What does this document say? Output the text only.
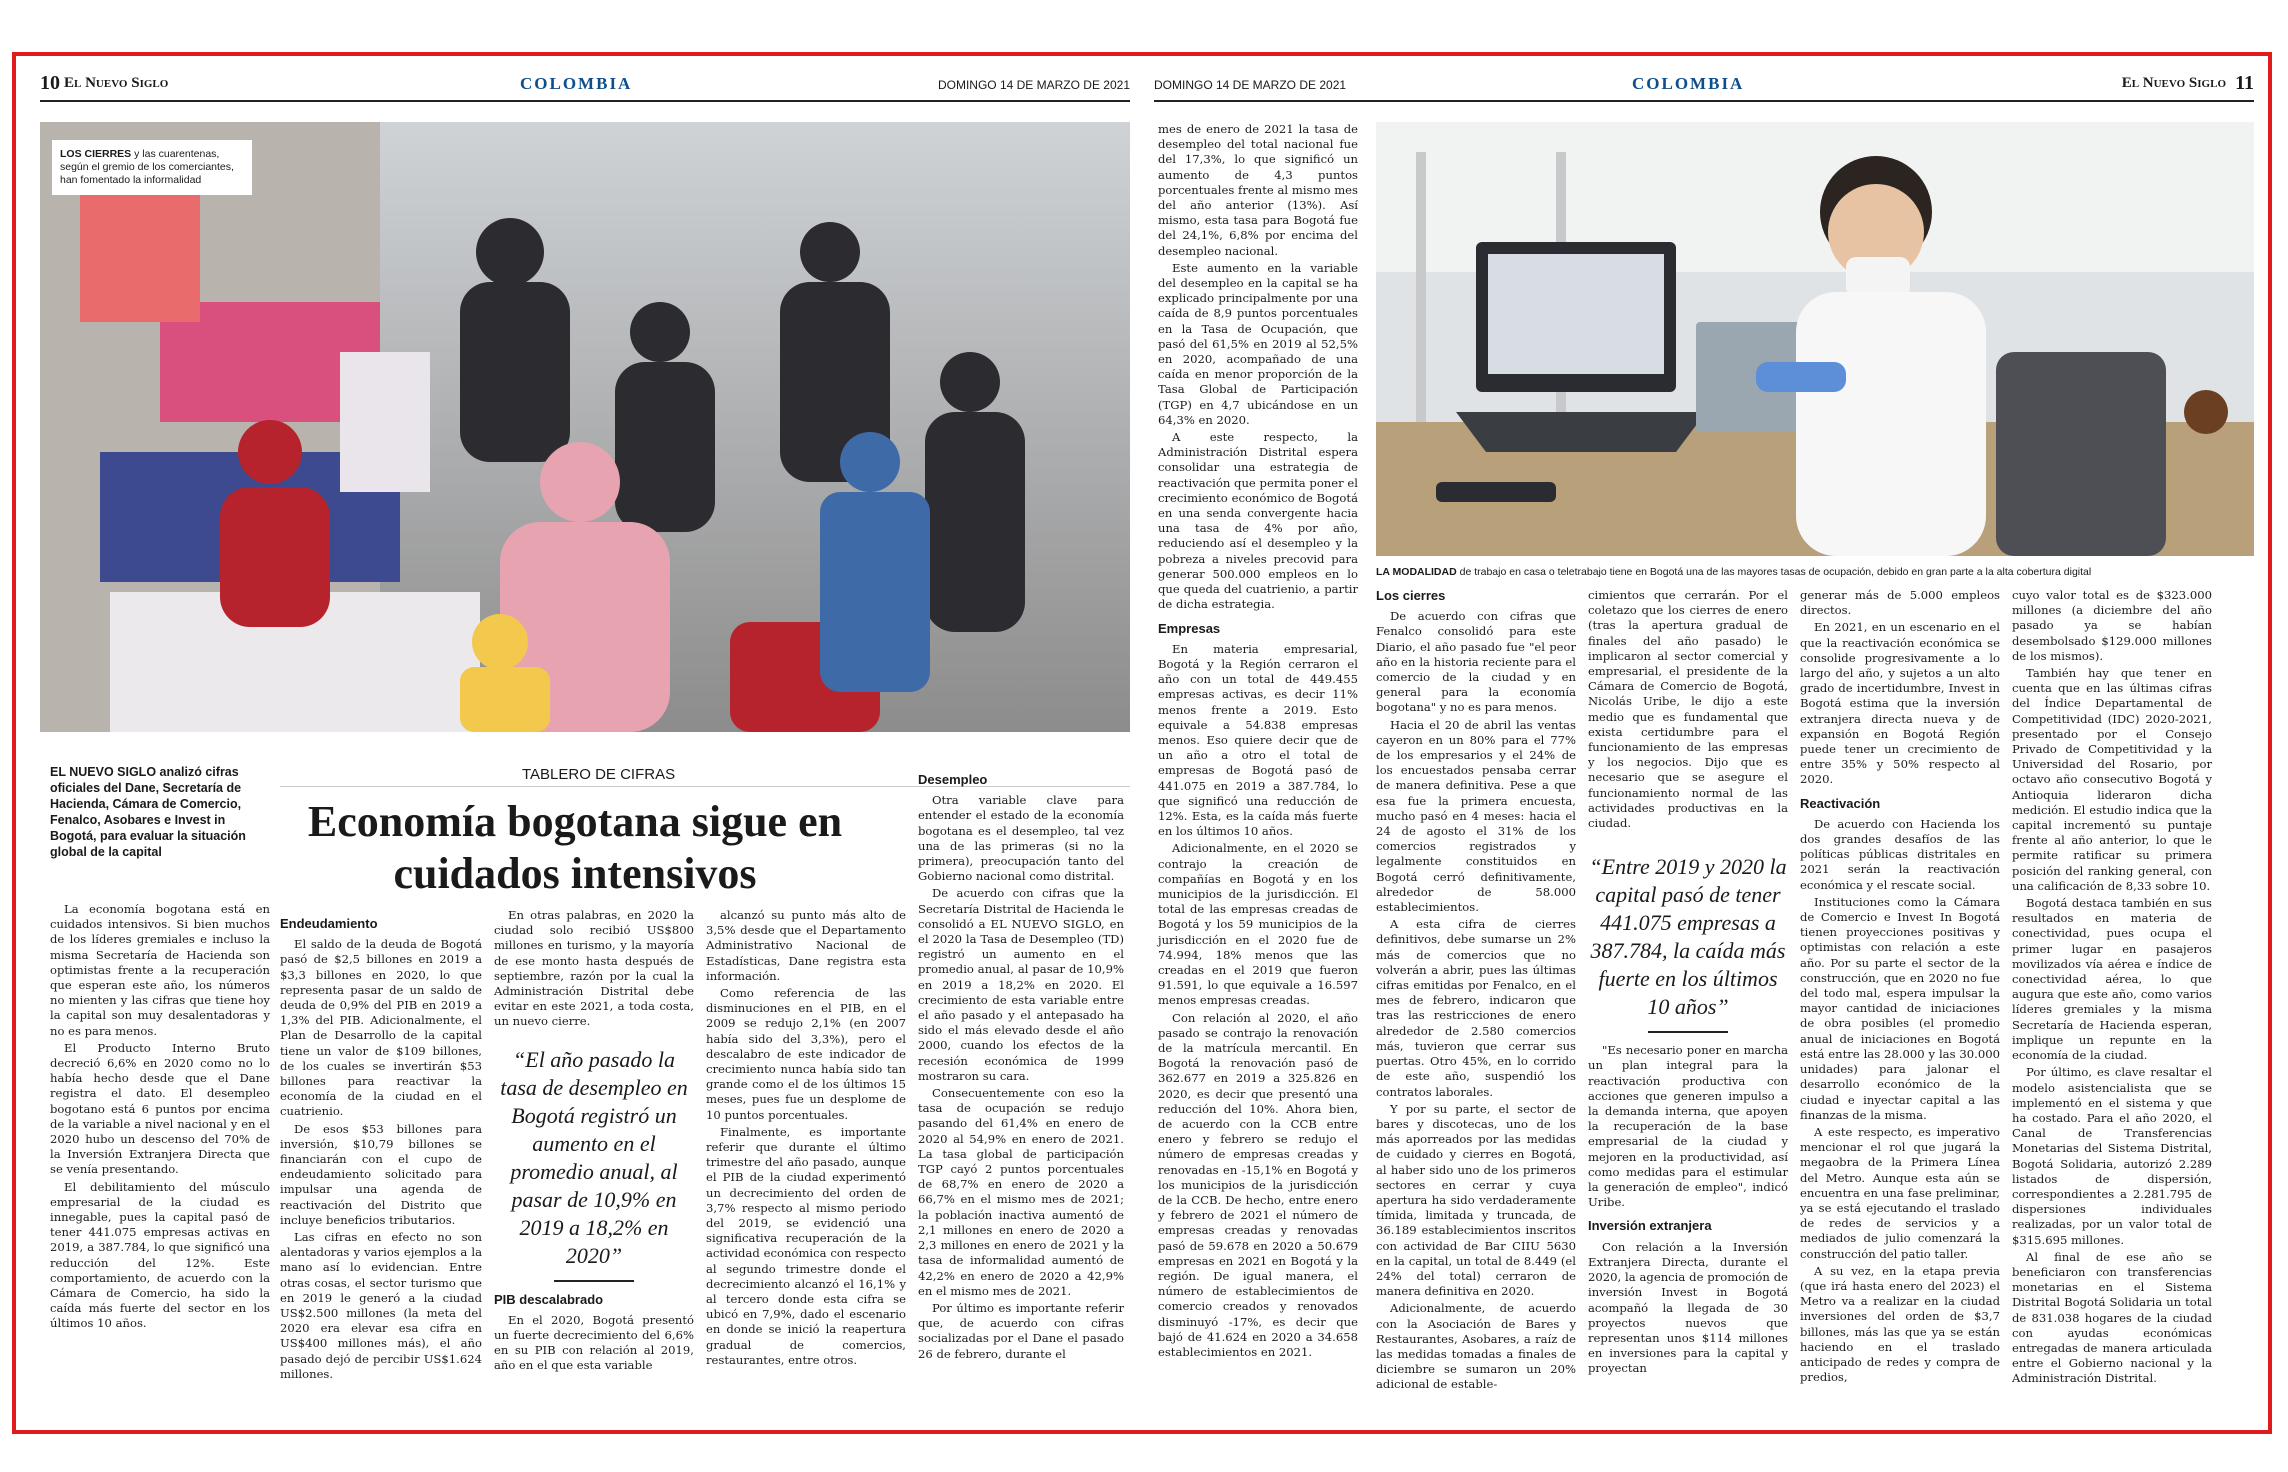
10 El Nuevo Siglo	COLOMBIA	DOMINGO 14 DE MARZO DE 2021
LOS CIERRES y las cuarentenas, según el gremio de los comerciantes, han fomentado la informalidad
EL NUEVO SIGLO analizó cifras oficiales del Dane, Secretaría de Hacienda, Cámara de Comercio, Fenalco, Asobares e Invest in Bogotá, para evaluar la situación global de la capital
TABLERO DE CIFRAS
Economía bogotana sigue en cuidados intensivos

La economía bogotana está en cuidados intensivos. Si bien muchos de los líderes gremiales e incluso la misma Secretaría de Hacienda son optimistas frente a la recuperación que esperan este año, los números no mienten y las cifras que tiene hoy la capital son muy desalentadoras y no es para menos.

El Producto Interno Bruto decreció 6,6% en 2020 como no lo había hecho desde que el Dane registra el dato. El desempleo bogotano está 6 puntos por encima de la variable a nivel nacional y en el 2020 hubo un descenso del 70% de la Inversión Extranjera Directa que se venía presentando.

El debilitamiento del músculo empresarial de la ciudad es innegable, pues la capital pasó de tener 441.075 empresas activas en 2019, a 387.784, lo que significó una reducción del 12%. Este comportamiento, de acuerdo con la Cámara de Comercio, ha sido la caída más fuerte del sector en los últimos 10 años.

Endeudamiento

El saldo de la deuda de Bogotá pasó de $2,5 billones en 2019 a $3,3 billones en 2020, lo que representa pasar de un saldo de deuda de 0,9% del PIB en 2019 a 1,3% del PIB. Adicionalmente, el Plan de Desarrollo de la capital tiene un valor de $109 billones, de los cuales se invertirán $53 billones para reactivar la economía de la ciudad en el cuatrienio.

De esos $53 billones para inversión, $10,79 billones se financiarán con el cupo de endeudamiento solicitado para impulsar una agenda de reactivación del Distrito que incluye beneficios tributarios.

Las cifras en efecto no son alentadoras y varios ejemplos a la mano así lo evidencian. Entre otras cosas, el sector turismo que en 2019 le generó a la ciudad US$2.500 millones (la meta del 2020 era elevar esa cifra en US$400 millones más), el año pasado dejó de percibir US$1.624 millones.

En otras palabras, en 2020 la ciudad solo recibió US$800 millones en turismo, y la mayoría de ese monto hasta después de septiembre, razón por la cual la Administración Distrital debe evitar en este 2021, a toda costa, un nuevo cierre.

“El año pasado la tasa de desempleo en Bogotá registró un aumento en el promedio anual, al pasar de 10,9% en 2019 a 18,2% en 2020”
PIB descalabrado

En el 2020, Bogotá presentó un fuerte decrecimiento del 6,6% en su PIB con relación al 2019, año en el que esta variable

alcanzó su punto más alto de 3,5% desde que el Departamento Administrativo Nacional de Estadísticas, Dane registra esta información.

Como referencia de las disminuciones en el PIB, en el 2009 se redujo 2,1% (en 2007 había sido del 3,3%), pero el descalabro de este indicador de crecimiento nunca había sido tan grande como el de los últimos 15 meses, pues fue un desplome de 10 puntos porcentuales.

Finalmente, es importante referir que durante el último trimestre del año pasado, aunque el PIB de la ciudad experimentó un decrecimiento del orden de 3,7% respecto al mismo periodo del 2019, se evidenció una significativa recuperación de la actividad económica con respecto al segundo trimestre donde el decrecimiento alcanzó el 16,1% y al tercero donde esta cifra se ubicó en 7,9%, dado el escenario en donde se inició la reapertura gradual de comercios, restaurantes, entre otros.

Desempleo

Otra variable clave para entender el estado de la economía bogotana es el desempleo, tal vez una de las primeras (si no la primera), preocupación tanto del Gobierno nacional como distrital.

De acuerdo con cifras que la Secretaría Distrital de Hacienda le consolidó a EL NUEVO SIGLO, en el 2020 la Tasa de Desempleo (TD) registró un aumento en el promedio anual, al pasar de 10,9% en 2019 a 18,2% en 2020. El crecimiento de esta variable entre el año pasado y el antepasado ha sido el más elevado desde el año 2000, cuando los efectos de la recesión económica de 1999 mostraron su cara.

Consecuentemente con eso la tasa de ocupación se redujo pasando del 61,4% en enero de 2020 al 54,9% en enero de 2021. La tasa global de participación TGP cayó 2 puntos porcentuales de 68,7% en enero de 2020 a 66,7% en el mismo mes de 2021; la población inactiva aumentó de 2,1 millones en enero de 2020 a 2,3 millones en enero de 2021 y la tasa de informalidad aumentó de 42,2% en enero de 2020 a 42,9% en el mismo mes de 2021.

Por último es importante referir que, de acuerdo con cifras socializadas por el Dane el pasado 26 de febrero, durante el

DOMINGO 14 DE MARZO DE 2021	COLOMBIA	El Nuevo Siglo 11

mes de enero de 2021 la tasa de desempleo del total nacional fue del 17,3%, lo que significó un aumento de 4,3 puntos porcentuales frente al mismo mes del año anterior (13%). Así mismo, esta tasa para Bogotá fue del 24,1%, 6,8% por encima del desempleo nacional.

Este aumento en la variable del desempleo en la capital se ha explicado principalmente por una caída de 8,9 puntos porcentuales en la Tasa de Ocupación, que pasó del 61,5% en 2019 al 52,5% en 2020, acompañado de una caída en menor proporción de la Tasa Global de Participación (TGP) en 4,7 ubicándose en un 64,3% en 2020.

A este respecto, la Administración Distrital espera consolidar una estrategia de reactivación que permita poner el crecimiento económico de Bogotá en una senda convergente hacia una tasa de 4% por año, reduciendo así el desempleo y la pobreza a niveles precovid para generar 500.000 empleos en lo que queda del cuatrienio, a partir de dicha estrategia.

Empresas

En materia empresarial, Bogotá y la Región cerraron el año con un total de 449.455 empresas activas, es decir 11% menos frente a 2019. Esto equivale a 54.838 empresas menos. Eso quiere decir que de un año a otro el total de empresas de Bogotá pasó de 441.075 en 2019 a 387.784, lo que significó una reducción de 12%. Esta, es la caída más fuerte en los últimos 10 años.

Adicionalmente, en el 2020 se contrajo la creación de compañías en Bogotá y en los municipios de la jurisdicción. El total de las empresas creadas de Bogotá y los 59 municipios de la jurisdicción en el 2020 fue de 74.994, 18% menos que las creadas en el 2019 que fueron 91.591, lo que equivale a 16.597 menos empresas creadas.

Con relación al 2020, el año pasado se contrajo la renovación de la matrícula mercantil. En Bogotá la renovación pasó de 362.677 en 2019 a 325.826 en 2020, es decir que presentó una reducción del 10%. Ahora bien, de acuerdo con la CCB entre enero y febrero se redujo el número de empresas creadas y renovadas en -15,1% en Bogotá y los municipios de la jurisdicción de la CCB. De hecho, entre enero y febrero de 2021 el número de empresas creadas y renovadas pasó de 59.678 en 2020 a 50.679 empresas en 2021 en Bogotá y la región. De igual manera, el número de establecimientos de comercio creados y renovados disminuyó -17%, es decir que bajó de 41.624 en 2020 a 34.658 establecimientos en 2021.

LA MODALIDAD de trabajo en casa o teletrabajo tiene en Bogotá una de las mayores tasas de ocupación, debido en gran parte a la alta cobertura digital
Los cierres

De acuerdo con cifras que Fenalco consolidó para este Diario, el año pasado fue "el peor año en la historia reciente para el comercio de la ciudad y en general para la economía bogotana" y no es para menos.

Hacia el 20 de abril las ventas cayeron en un 80% para el 77% de los empresarios y el 24% de los encuestados pensaba cerrar de manera definitiva. Pese a que esa fue la primera encuesta, mucho pasó en 4 meses: hacia el 24 de agosto el 31% de los comercios registrados y legalmente constituidos en Bogotá cerró definitivamente, alrededor de 58.000 establecimientos.

A esta cifra de cierres definitivos, debe sumarse un 2% más de comercios que no volverán a abrir, pues las últimas cifras emitidas por Fenalco, en el mes de febrero, indicaron que tras las restricciones de enero alrededor de 2.580 comercios más, tuvieron que cerrar sus puertas. Otro 45%, en lo corrido de este año, suspendió los contratos laborales.

Y por su parte, el sector de bares y discotecas, uno de los más aporreados por las medidas de cuidado y cierres en Bogotá, al haber sido uno de los primeros sectores en cerrar y cuya apertura ha sido verdaderamente tímida, limitada y truncada, de 36.189 establecimientos inscritos con actividad de Bar CIIU 5630 en la capital, un total de 8.449 (el 24% del total) cerraron de manera definitiva en 2020.

Adicionalmente, de acuerdo con la Asociación de Bares y Restaurantes, Asobares, a raíz de las medidas tomadas a finales de diciembre se sumaron un 20% adicional de estable-

cimientos que cerrarán. Por el coletazo que los cierres de enero (tras la apertura gradual de finales del año pasado) le implicaron al sector comercial y empresarial, el presidente de la Cámara de Comercio de Bogotá, Nicolás Uribe, le dijo a este medio que es fundamental que exista certidumbre para el funcionamiento de las empresas y los negocios. Dijo que es necesario que se asegure el funcionamiento normal de las actividades productivas en la ciudad.

“Entre 2019 y 2020 la capital pasó de tener 441.075 empresas a 387.784, la caída más fuerte en los últimos 10 años”

"Es necesario poner en marcha un plan integral para la reactivación productiva con acciones que generen impulso a la demanda interna, que apoyen la recuperación de la base empresarial de la ciudad y mejoren en la productividad, así como medidas para el estimular la generación de empleo", indicó Uribe.

Inversión extranjera

Con relación a la Inversión Extranjera Directa, durante el 2020, la agencia de promoción de inversión Invest in Bogotá acompañó la llegada de 30 proyectos nuevos que representan unos $114 millones en inversiones para la capital y proyectan

generar más de 5.000 empleos directos.

En 2021, en un escenario en el que la reactivación económica se consolide progresivamente a lo largo del año, y sujetos a un alto grado de incertidumbre, Invest in Bogotá estima que la inversión extranjera directa nueva y de expansión en Bogotá Región puede tener un crecimiento de entre 35% y 50% respecto al 2020.

Reactivación

De acuerdo con Hacienda los dos grandes desafíos de las políticas públicas distritales en 2021 serán la reactivación económica y el rescate social.

Instituciones como la Cámara de Comercio e Invest In Bogotá tienen proyecciones positivas y optimistas con relación a este año. Por su parte el sector de la construcción, que en 2020 no fue del todo mal, espera impulsar la mayor cantidad de iniciaciones de obra posibles (el promedio anual de iniciaciones en Bogotá está entre las 28.000 y las 30.000 unidades) para jalonar el desarrollo económico de la ciudad e inyectar capital a las finanzas de la misma.

A este respecto, es imperativo mencionar el rol que jugará la megaobra de la Primera Línea del Metro. Aunque esta aún se encuentra en una fase preliminar, ya se está ejecutando el traslado de redes de servicios y a mediados de julio comenzará la construcción del patio taller.

A su vez, en la etapa previa (que irá hasta enero del 2023) el Metro va a realizar en la ciudad inversiones del orden de $3,7 billones, más las que ya se están haciendo en el traslado anticipado de redes y compra de predios,

cuyo valor total es de $323.000 millones (a diciembre del año pasado ya se habían desembolsado $129.000 millones de los mismos).

También hay que tener en cuenta que en las últimas cifras del Índice Departamental de Competitividad (IDC) 2020-2021, presentado por el Consejo Privado de Competitividad y la Universidad del Rosario, por octavo año consecutivo Bogotá y Antioquia lideraron dicha medición. El estudio indica que la capital incrementó su puntaje frente al año anterior, lo que le permite ratificar su primera posición del ranking general, con una calificación de 8,33 sobre 10.

Bogotá destaca también en sus resultados en materia de conectividad, pues ocupa el primer lugar en pasajeros movilizados vía aérea e índice de conectividad aérea, lo que augura que este año, como varios líderes gremiales y la misma Secretaría de Hacienda esperan, implique un repunte en la economía de la ciudad.

Por último, es clave resaltar el modelo asistencialista que se implementó en el sistema y que ha costado. Para el año 2020, el Canal de Transferencias Monetarias del Sistema Distrital, Bogotá Solidaria, autorizó 2.289 listados de dispersión, correspondientes a 2.281.795 de dispersiones individuales realizadas, por un valor total de $315.695 millones.

Al final de ese año se beneficiaron con transferencias monetarias en el Sistema Distrital Bogotá Solidaria un total de 831.038 hogares de la ciudad con ayudas económicas entregadas de manera articulada entre el Gobierno nacional y la Administración Distrital.
